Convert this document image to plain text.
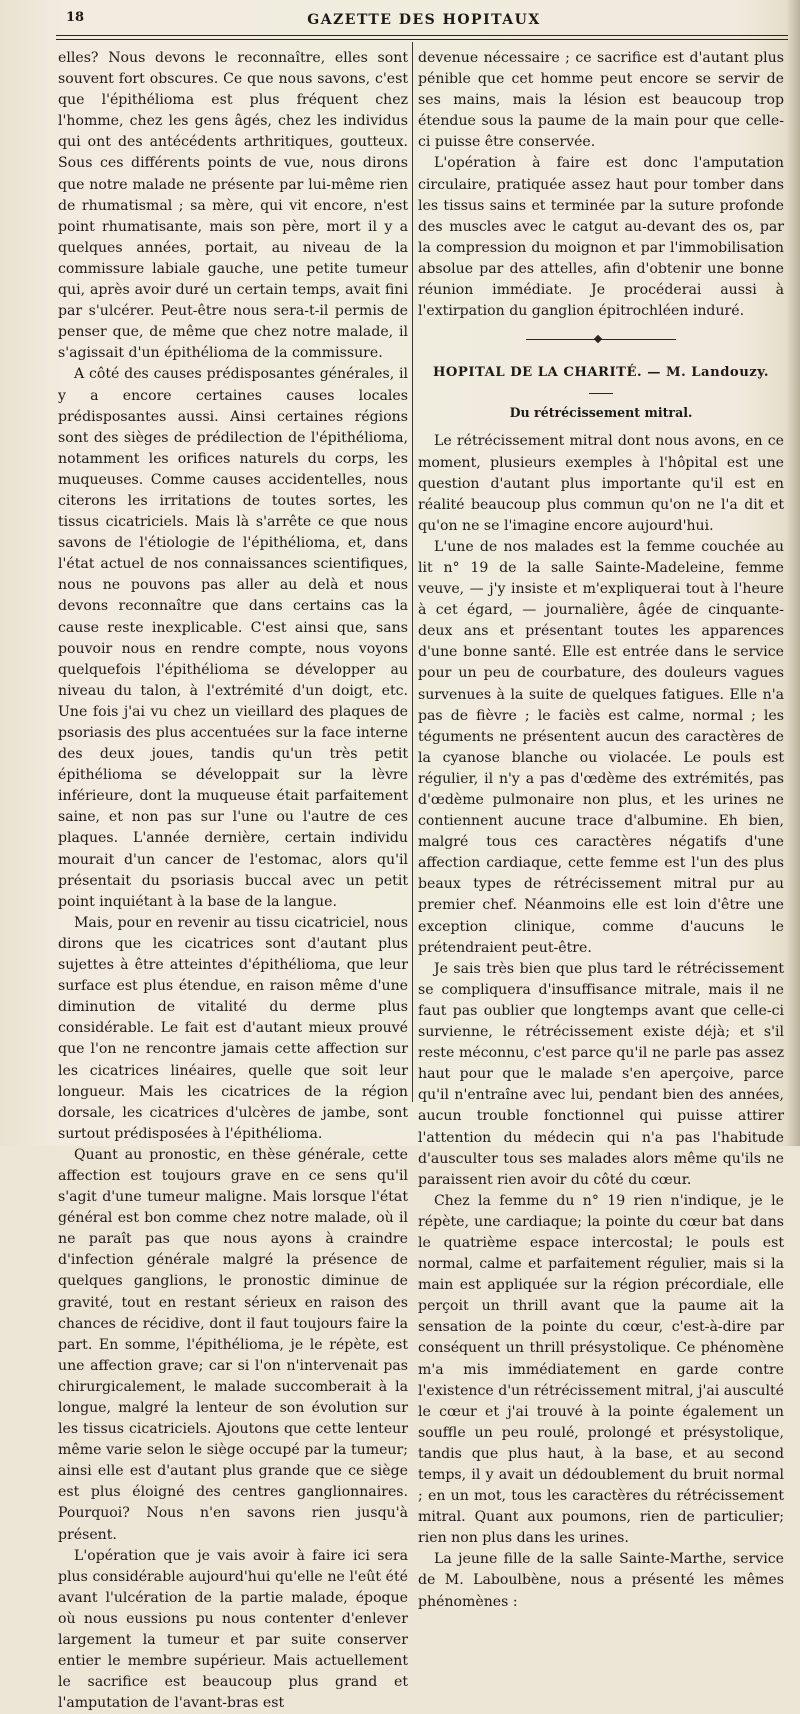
18	GAZETTE DES HOPITAUX

elles? Nous devons le reconnaître, elles sont souvent fort obscures. Ce que nous savons, c'est que l'épithélioma est plus fréquent chez l'homme, chez les gens âgés, chez les individus qui ont des antécédents arthritiques, goutteux. Sous ces différents points de vue, nous dirons que notre malade ne présente par lui-même rien de rhumatismal ; sa mère, qui vit encore, n'est point rhumatisante, mais son père, mort il y a quelques années, portait, au niveau de la commissure labiale gauche, une petite tumeur qui, après avoir duré un certain temps, avait fini par s'ulcérer. Peut-être nous sera-t-il permis de penser que, de même que chez notre malade, il s'agissait d'un épithélioma de la commissure.

A côté des causes prédisposantes générales, il y a encore certaines causes locales prédisposantes aussi. Ainsi certaines régions sont des sièges de prédilection de l'épithélioma, notamment les orifices naturels du corps, les muqueuses. Comme causes accidentelles, nous citerons les irritations de toutes sortes, les tissus cicatriciels. Mais là s'arrête ce que nous savons de l'étiologie de l'épithélioma, et, dans l'état actuel de nos connaissances scientifiques, nous ne pouvons pas aller au delà et nous devons reconnaître que dans certains cas la cause reste inexplicable. C'est ainsi que, sans pouvoir nous en rendre compte, nous voyons quelquefois l'épithélioma se développer au niveau du talon, à l'extrémité d'un doigt, etc. Une fois j'ai vu chez un vieillard des plaques de psoriasis des plus accentuées sur la face interne des deux joues, tandis qu'un très petit épithélioma se développait sur la lèvre inférieure, dont la muqueuse était parfaitement saine, et non pas sur l'une ou l'autre de ces plaques. L'année dernière, certain individu mourait d'un cancer de l'estomac, alors qu'il présentait du psoriasis buccal avec un petit point inquiétant à la base de la langue.

Mais, pour en revenir au tissu cicatriciel, nous dirons que les cicatrices sont d'autant plus sujettes à être atteintes d'épithélioma, que leur surface est plus étendue, en raison même d'une diminution de vitalité du derme plus considérable. Le fait est d'autant mieux prouvé que l'on ne rencontre jamais cette affection sur les cicatrices linéaires, quelle que soit leur longueur. Mais les cicatrices de la région dorsale, les cicatrices d'ulcères de jambe, sont surtout prédisposées à l'épithélioma.

Quant au pronostic, en thèse générale, cette affection est toujours grave en ce sens qu'il s'agit d'une tumeur maligne. Mais lorsque l'état général est bon comme chez notre malade, où il ne paraît pas que nous ayons à craindre d'infection générale malgré la présence de quelques ganglions, le pronostic diminue de gravité, tout en restant sérieux en raison des chances de récidive, dont il faut toujours faire la part. En somme, l'épithélioma, je le répète, est une affection grave; car si l'on n'intervenait pas chirurgicalement, le malade succomberait à la longue, malgré la lenteur de son évolution sur les tissus cicatriciels. Ajoutons que cette lenteur même varie selon le siège occupé par la tumeur; ainsi elle est d'autant plus grande que ce siège est plus éloigné des centres ganglionnaires. Pourquoi? Nous n'en savons rien jusqu'à présent.

L'opération que je vais avoir à faire ici sera plus considérable aujourd'hui qu'elle ne l'eût été avant l'ulcération de la partie malade, époque où nous eussions pu nous contenter d'enlever largement la tumeur et par suite conserver entier le membre supérieur. Mais actuellement le sacrifice est beaucoup plus grand et l'amputation de l'avant-bras est

devenue nécessaire ; ce sacrifice est d'autant plus pénible que cet homme peut encore se servir de ses mains, mais la lésion est beaucoup trop étendue sous la paume de la main pour que celle-ci puisse être conservée.

L'opération à faire est donc l'amputation circulaire, pratiquée assez haut pour tomber dans les tissus sains et terminée par la suture profonde des muscles avec le catgut au-devant des os, par la compression du moignon et par l'immobilisation absolue par des attelles, afin d'obtenir une bonne réunion immédiate. Je procéderai aussi à l'extirpation du ganglion épitrochléen induré.

HOPITAL DE LA CHARITÉ. — M. Landouzy.
Du rétrécissement mitral.

Le rétrécissement mitral dont nous avons, en ce moment, plusieurs exemples à l'hôpital est une question d'autant plus importante qu'il est en réalité beaucoup plus commun qu'on ne l'a dit et qu'on ne se l'imagine encore aujourd'hui.

L'une de nos malades est la femme couchée au lit n° 19 de la salle Sainte-Madeleine, femme veuve, — j'y insiste et m'expliquerai tout à l'heure à cet égard, — journalière, âgée de cinquante-deux ans et présentant toutes les apparences d'une bonne santé. Elle est entrée dans le service pour un peu de courbature, des douleurs vagues survenues à la suite de quelques fatigues. Elle n'a pas de fièvre ; le faciès est calme, normal ; les téguments ne présentent aucun des caractères de la cyanose blanche ou violacée. Le pouls est régulier, il n'y a pas d'œdème des extrémités, pas d'œdème pulmonaire non plus, et les urines ne contiennent aucune trace d'albumine. Eh bien, malgré tous ces caractères négatifs d'une affection cardiaque, cette femme est l'un des plus beaux types de rétrécissement mitral pur au premier chef. Néanmoins elle est loin d'être une exception clinique, comme d'aucuns le prétendraient peut-être.

Je sais très bien que plus tard le rétrécissement se compliquera d'insuffisance mitrale, mais il ne faut pas oublier que longtemps avant que celle-ci survienne, le rétrécissement existe déjà; et s'il reste méconnu, c'est parce qu'il ne parle pas assez haut pour que le malade s'en aperçoive, parce qu'il n'entraîne avec lui, pendant bien des années, aucun trouble fonctionnel qui puisse attirer l'attention du médecin qui n'a pas l'habitude d'ausculter tous ses malades alors même qu'ils ne paraissent rien avoir du côté du cœur.

Chez la femme du n° 19 rien n'indique, je le répète, une cardiaque; la pointe du cœur bat dans le quatrième espace intercostal; le pouls est normal, calme et parfaitement régulier, mais si la main est appliquée sur la région précordiale, elle perçoit un thrill avant que la paume ait la sensation de la pointe du cœur, c'est-à-dire par conséquent un thrill présystolique. Ce phénomène m'a mis immédiatement en garde contre l'existence d'un rétrécissement mitral, j'ai ausculté le cœur et j'ai trouvé à la pointe également un souffle un peu roulé, prolongé et présystolique, tandis que plus haut, à la base, et au second temps, il y avait un dédoublement du bruit normal ; en un mot, tous les caractères du rétrécissement mitral. Quant aux poumons, rien de particulier; rien non plus dans les urines.

La jeune fille de la salle Sainte-Marthe, service de M. Laboulbène, nous a présenté les mêmes phénomènes :
